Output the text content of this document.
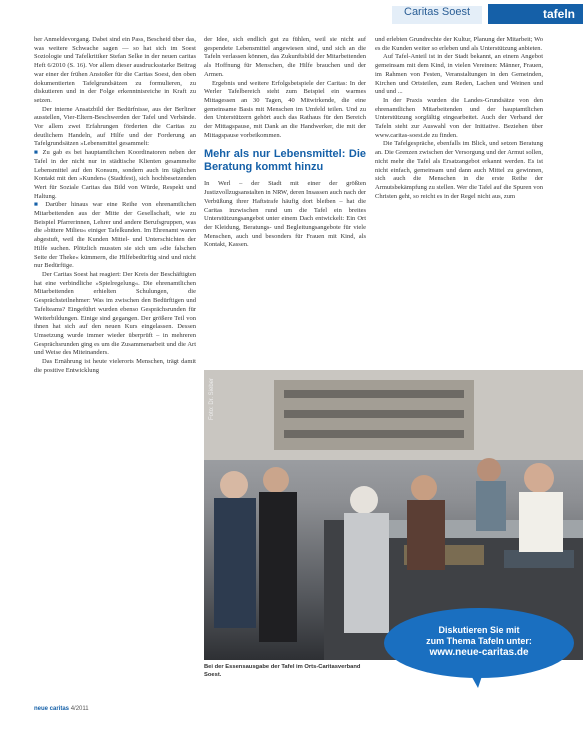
Caritas Soest	tafeln

her Anmeldevorgang. Dabei sind ein Pass, Bescheid über das, was weitere Schwache sagen — so hat sich im Soest Soziologie und Tafelkritiker Stefan Selke in der neuen caritas Heft 6/2010 (S. 16). Vor allem dieser ausdrucksstarke Beitrag war einer der frühen Anstoßer für die Caritas Soest, den oben dokumentierten Tafelgrundsätzen zu formulieren, zu diskutieren und in der Folge erkenntnisreiche in Kraft zu setzen.

Der interne Ansatzbild der Bedürfnisse, aus der Berliner ausstellen, Vier-Eltern-Beschwerden der Tafel und Verbände. Vor allem zwei Erfahrungen förderten die Caritas zu deutlichem Handeln, auf Hilfe und der Forderung an Tafelgrundsätzen »Lebensmittel gesammelt:

■ Zu gab es bei hauptamtlichen Koordinatoren neben der Tafel in der nicht nur in städtische Klienten gesammelte Lebensmittel auf den Konsum, sondern auch im täglichen Kontakt mit den »Kunden« (Stadtfest), sich hochbesetzenden Wert für Soziale Caritas das Bild von Würde, Respekt und Haltung.

■ Darüber hinaus war eine Reihe von ehrenamtlichen Mitarbeitenden aus der Mitte der Gesellschaft, wie zu Beispiel Pfarrerinnen, Lehrer und andere Berufsgruppen, was die »bittere Milieu« einiger Tafelkunden. Im Ehrenamt waren abgestuft, weil die Kunden Mittel- und Unterschichten der Hilfe suchen. Plötzlich mussten sie sich um »die falschen Seite der Theke« kümmern, die Hilfebedürftig sind und nicht nur Bedürftige.

Der Caritas Soest hat reagiert: Der Kreis der Beschäftigten hat eine verbindliche »Spielregelung«. Die ehrenamtlichen Mitarbeitenden erhielten Schulungen, die Gesprächsteilnehmer: Was im zwischen den Bedürftigen und Tafelteams? Eingeführt wurden ebenso Gesprächsrunden für Weiterbildungen. Einige sind gegangen. Der größere Teil von ihnen hat sich auf den neuen Kurs eingelassen. Dessen Umsetzung wurde immer wieder überprüft – in mehreren Gesprächsrunden ging es um die Zusammenarbeit und die Art und Weise des Miteinanders.

Das Ernährung ist heute vielerorts Menschen, trägt damit die positive Entwicklung

der Idee, sich endlich gut zu fühlen, weil sie nicht auf gespendete Lebensmittel angewiesen sind, und sich an die Tafeln verlassen können, das Zukunftsbild der Mitarbeitenden als Hoffnung für Menschen, die Hilfe brauchen und der Armen.

Ergebnis und weitere Erfolgsbeispiele der Caritas: In der Werler Tafelbereich steht zum Beispiel ein warmes Mittagessen an 30 Tagen, 40 Mitwirkende, die eine gemeinsame Basis mit Menschen im Umfeld teilen. Und zu den Unterstützern gehört auch das Rathaus für den Bereich der Mittagspause, mit Dank an die Handwerker, die mit der Mittagspause vorbeikommen.

Mehr als nur Lebensmittel: Die Beratung kommt hinzu

In Werl – der Stadt mit einer der größten Justizvollzugsanstalten in NRW, deren Insassen auch nach der Verbüßung ihrer Haftstrafe häufig dort bleiben – hat die Caritas inzwischen rund um die Tafel ein breites Unterstützungsangebot unter einem Dach entwickelt: Ein Ort der Kleidung, Beratungs- und Begleitungsangebote für viele Menschen, auch und besonders für Frauen mit Kind, als Kontakt, Kassen.

und erlebten Grundrechte der Kultur, Planung der Mitarbeit; Wo es die Kunden weiter so erleben und als Unterstützung anbieten.

Auf Tafel-Anteil ist in der Stadt bekannt, an einem Angebot gemeinsam mit dem Kind, in vielen Vereinen: Männer, Frauen, im Rahmen von Festen, Veranstaltungen in den Gemeinden, Kirchen und Ortsteilen, zum Reden, Lachen und Weinen und und und ...

In der Praxis wurden die Landes-Grundsätze von den ehrenamtlichen Mitarbeitenden und der hauptamtlichen Unterstützung sorgfältig eingearbeitet. Auch der Verband der Tafeln steht zur Auswahl von der Initiative. Beziehen über www.caritas-soest.de zu finden.

Die Tafelgespräche, ebenfalls im Blick, und setzen Beratung an. Die Grenzen zwischen der Versorgung und der Armut sollen, nicht mehr die Tafel als Ersatzangebot erkannt werden. Es ist nicht einfach, gemeinsam und dann auch Mittel zu gewinnen, sich auch die Menschen in die erste Reihe der Armutsbekämpfung zu stellen. Wer die Tafel auf die Spuren von Christen geht, so reicht es in der Regel nicht aus, zum

Foto: Dr. Sieber
Bei der Essensausgabe der Tafel im Orts-Caritasverband Soest.
Diskutieren Sie mit
zum Thema Tafeln unter:
www.neue-caritas.de
neue caritas 4/2011
